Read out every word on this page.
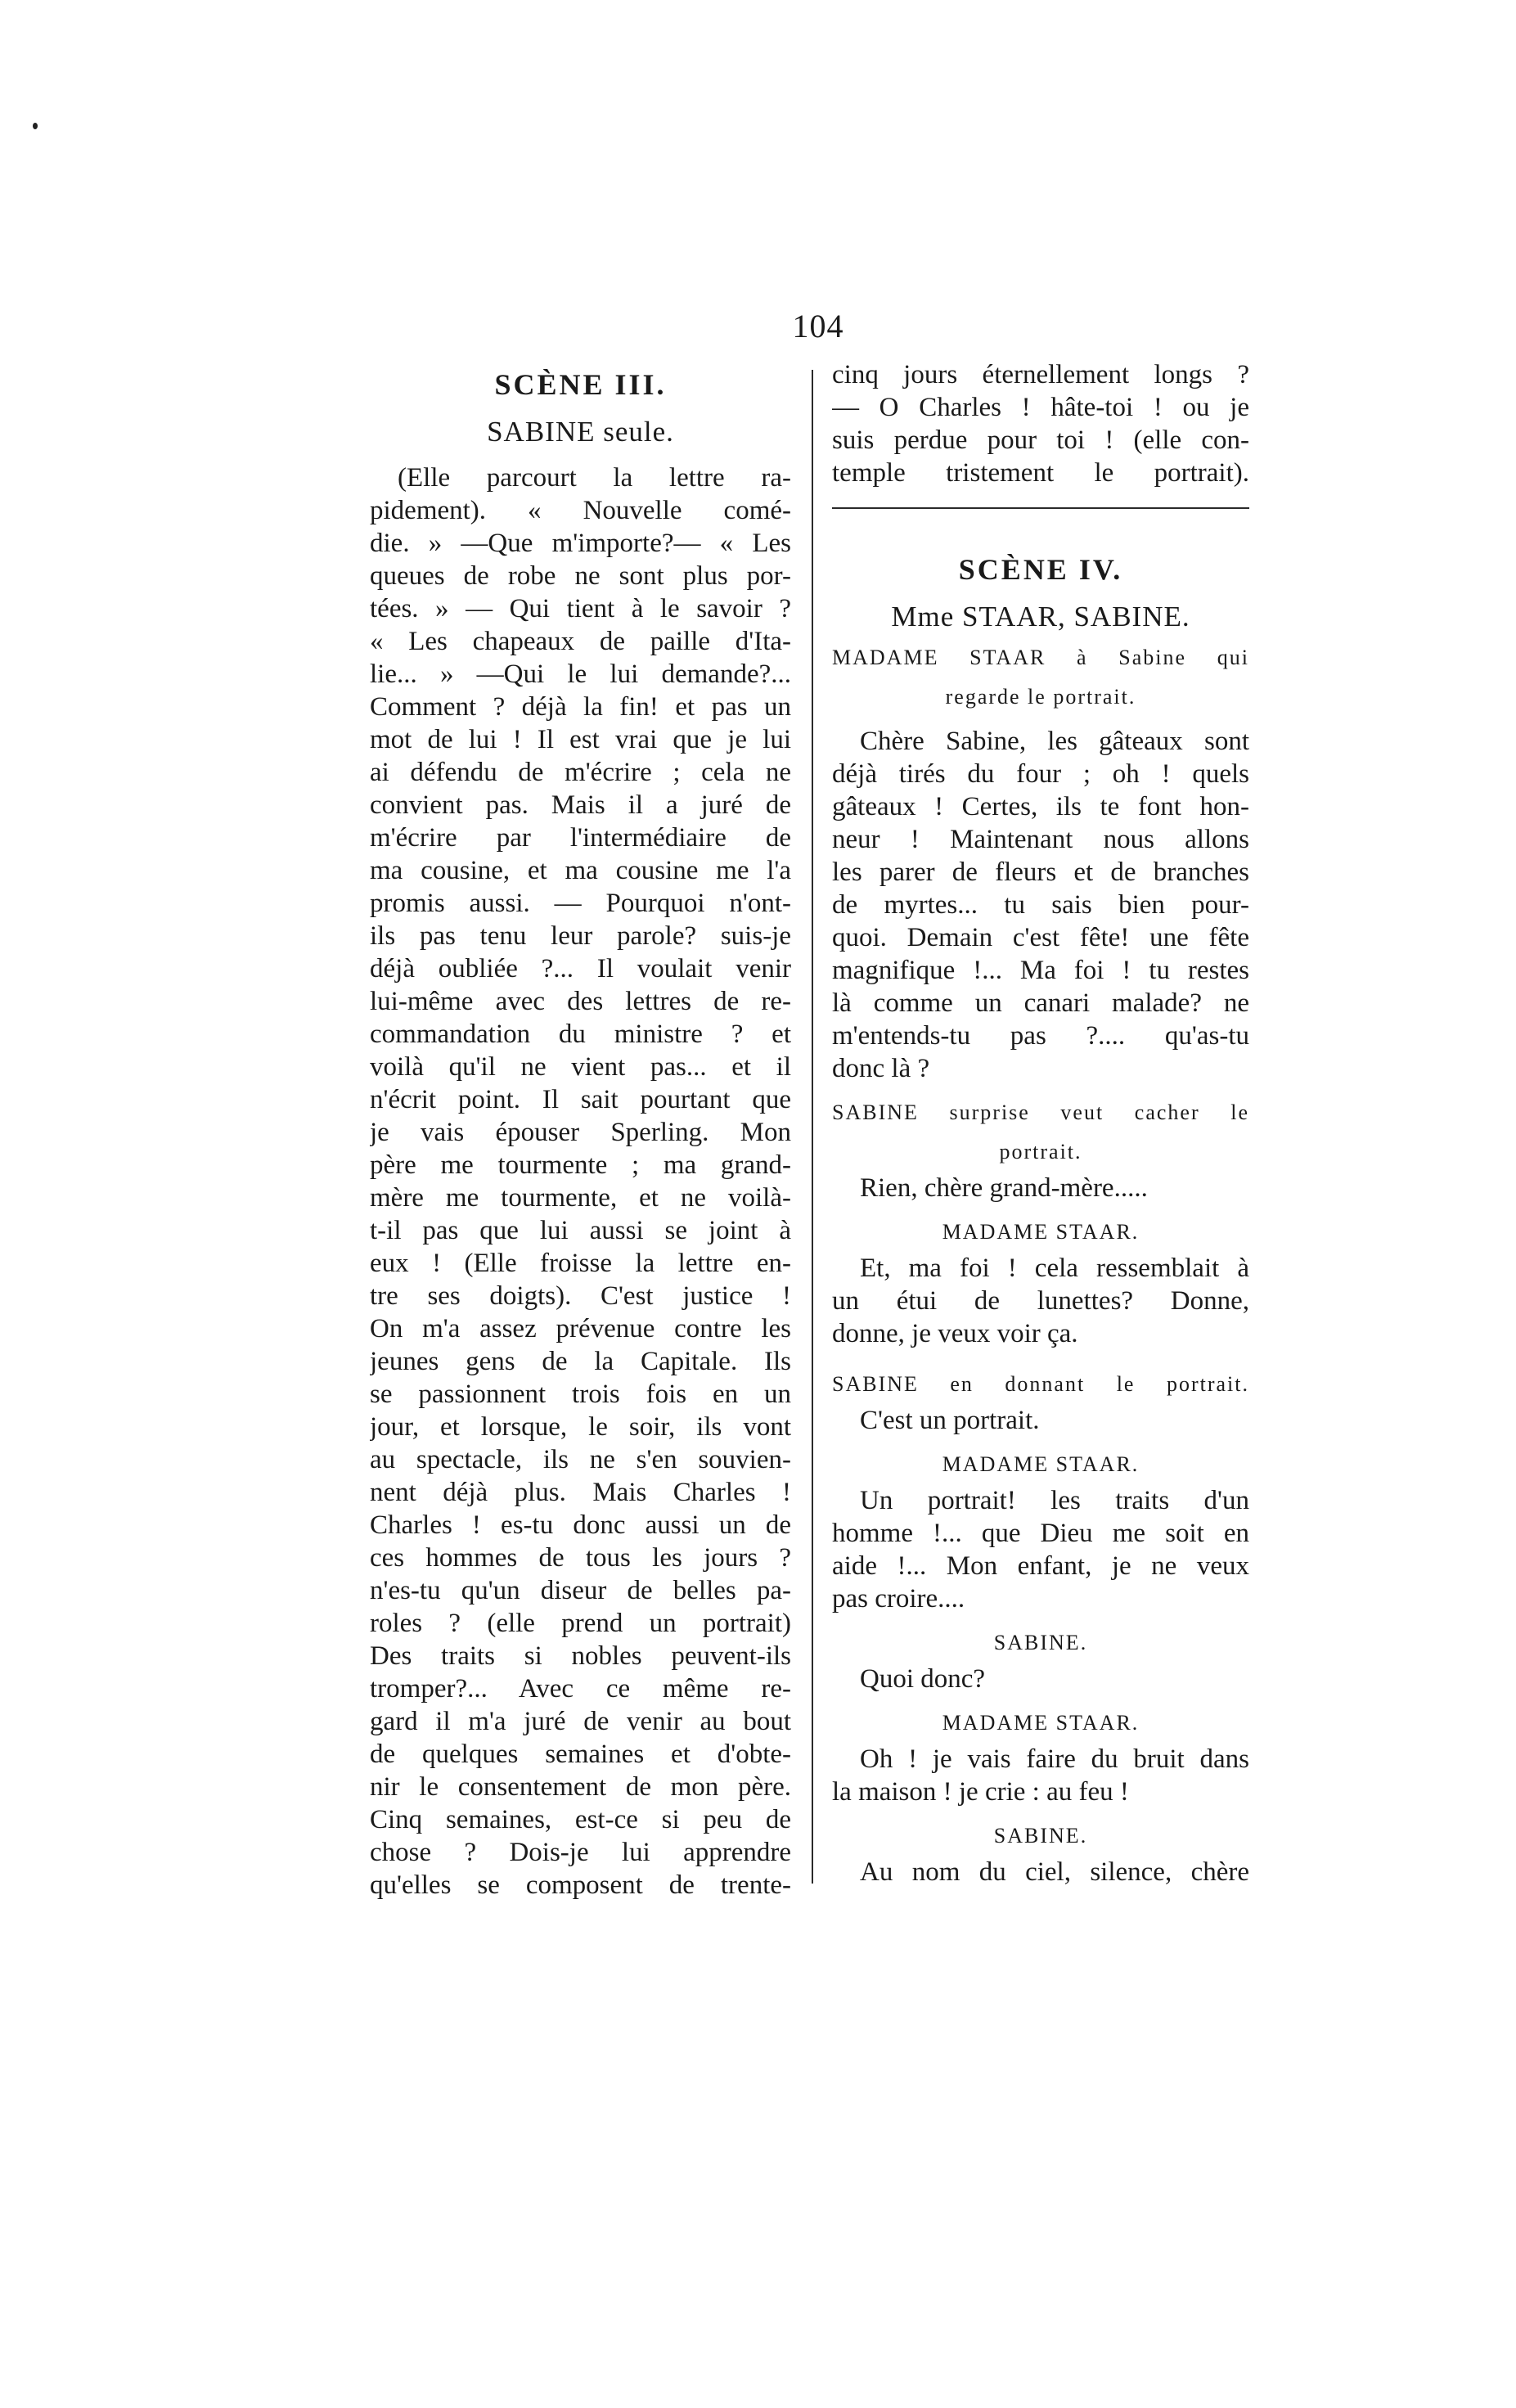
104
SCÈNE III.
SABINE seule.
(Elle parcourt la lettre ra-
pidement). « Nouvelle comé-
die. » —Que m'importe?— « Les
queues de robe ne sont plus por-
tées. » — Qui tient à le savoir ?
« Les chapeaux de paille d'Ita-
lie... » —Qui le lui demande?...
Comment ? déjà la fin! et pas un
mot de lui ! Il est vrai que je lui
ai défendu de m'écrire ; cela ne
convient pas. Mais il a juré de
m'écrire par l'intermédiaire de
ma cousine, et ma cousine me l'a
promis aussi. — Pourquoi n'ont-
ils pas tenu leur parole? suis-je
déjà oubliée ?... Il voulait venir
lui-même avec des lettres de re-
commandation du ministre ? et
voilà qu'il ne vient pas... et il
n'écrit point. Il sait pourtant que
je vais épouser Sperling. Mon
père me tourmente ; ma grand-
mère me tourmente, et ne voilà-
t-il pas que lui aussi se joint à
eux ! (Elle froisse la lettre en-
tre ses doigts). C'est justice !
On m'a assez prévenue contre les
jeunes gens de la Capitale. Ils
se passionnent trois fois en un
jour, et lorsque, le soir, ils vont
au spectacle, ils ne s'en souvien-
nent déjà plus. Mais Charles !
Charles ! es-tu donc aussi un de
ces hommes de tous les jours ?
n'es-tu qu'un diseur de belles pa-
roles ? (elle prend un portrait)
Des traits si nobles peuvent-ils
tromper?... Avec ce même re-
gard il m'a juré de venir au bout
de quelques semaines et d'obte-
nir le consentement de mon père.
Cinq semaines, est-ce si peu de
chose ? Dois-je lui apprendre
qu'elles se composent de trente-
cinq jours éternellement longs ?
— O Charles ! hâte-toi ! ou je
suis perdue pour toi ! (elle con-
temple tristement le portrait).
SCÈNE IV.
Mme STAAR, SABINE.
MADAME STAAR à Sabine qui
regarde le portrait.
Chère Sabine, les gâteaux sont
déjà tirés du four ; oh ! quels
gâteaux ! Certes, ils te font hon-
neur ! Maintenant nous allons
les parer de fleurs et de branches
de myrtes... tu sais bien pour-
quoi. Demain c'est fête! une fête
magnifique !... Ma foi ! tu restes
là comme un canari malade? ne
m'entends-tu pas ?.... qu'as-tu
donc là ?
SABINE surprise veut cacher le
portrait.
Rien, chère grand-mère.....
MADAME STAAR.
Et, ma foi ! cela ressemblait à
un étui de lunettes? Donne,
donne, je veux voir ça.
SABINE en donnant le portrait.
C'est un portrait.
MADAME STAAR.
Un portrait! les traits d'un
homme !... que Dieu me soit en
aide !... Mon enfant, je ne veux
pas croire....
SABINE.
Quoi donc?
MADAME STAAR.
Oh ! je vais faire du bruit dans
la maison ! je crie : au feu !
SABINE.
Au nom du ciel, silence, chère
